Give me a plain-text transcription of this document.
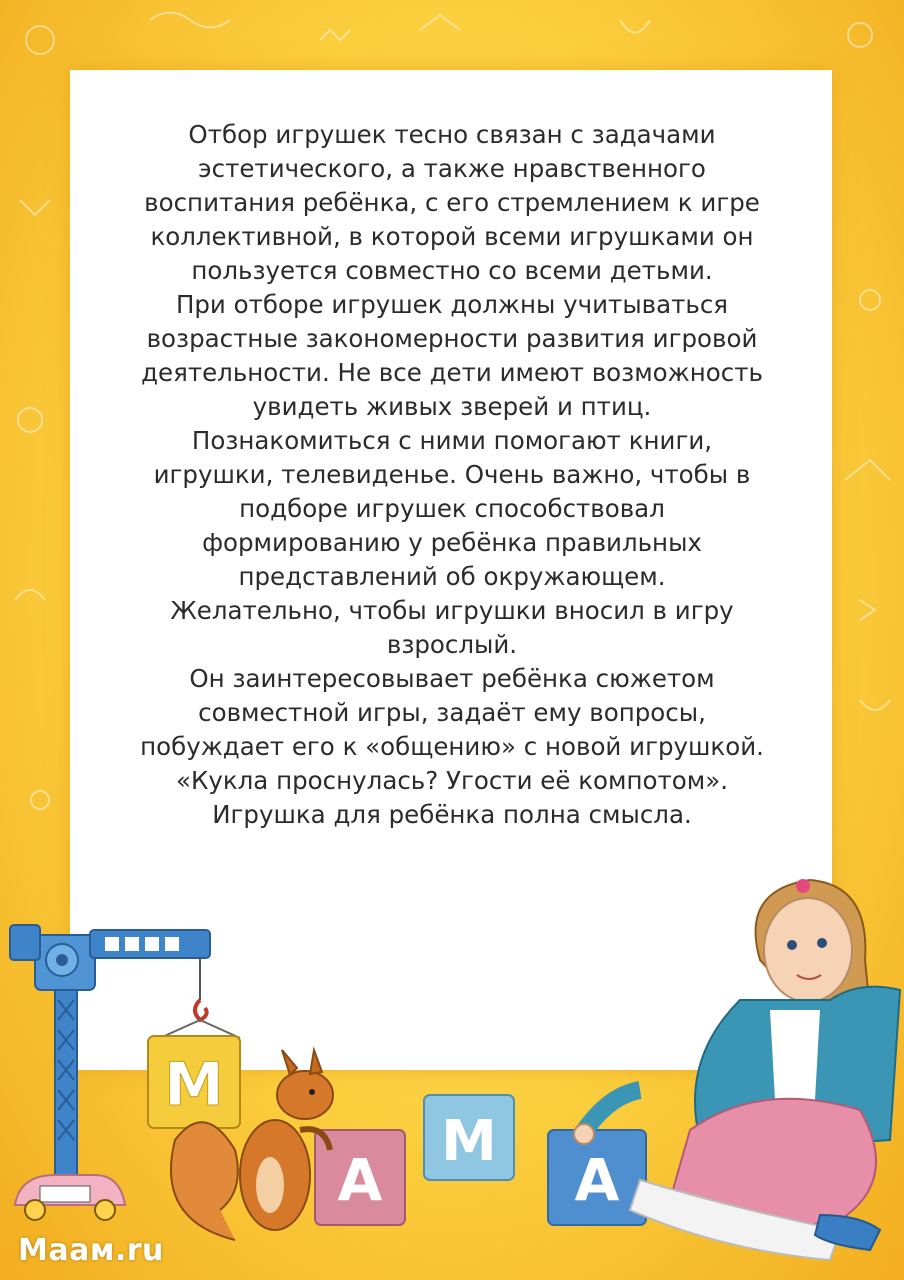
Отбор игрушек тесно связан с задачами

эстетического, а также нравственного

воспитания ребёнка, с его стремлением к игре

коллективной, в которой всеми игрушками он

пользуется совместно со всеми детьми.

При отборе игрушек должны учитываться

возрастные закономерности развития игровой

деятельности. Не все дети имеют возможность

увидеть живых зверей и птиц.

Познакомиться с ними помогают книги,

игрушки, телевиденье. Очень важно, чтобы в

подборе игрушек способствовал

формированию у ребёнка правильных

представлений об окружающем.

Желательно, чтобы игрушки вносил в игру

взрослый.

Он заинтересовывает ребёнка сюжетом

совместной игры, задаёт ему вопросы,

побуждает его к «общению» с новой игрушкой.

«Кукла проснулась? Угости её компотом».

Игрушка для ребёнка полна смысла.

М
А
М
А
Maaм.ru
